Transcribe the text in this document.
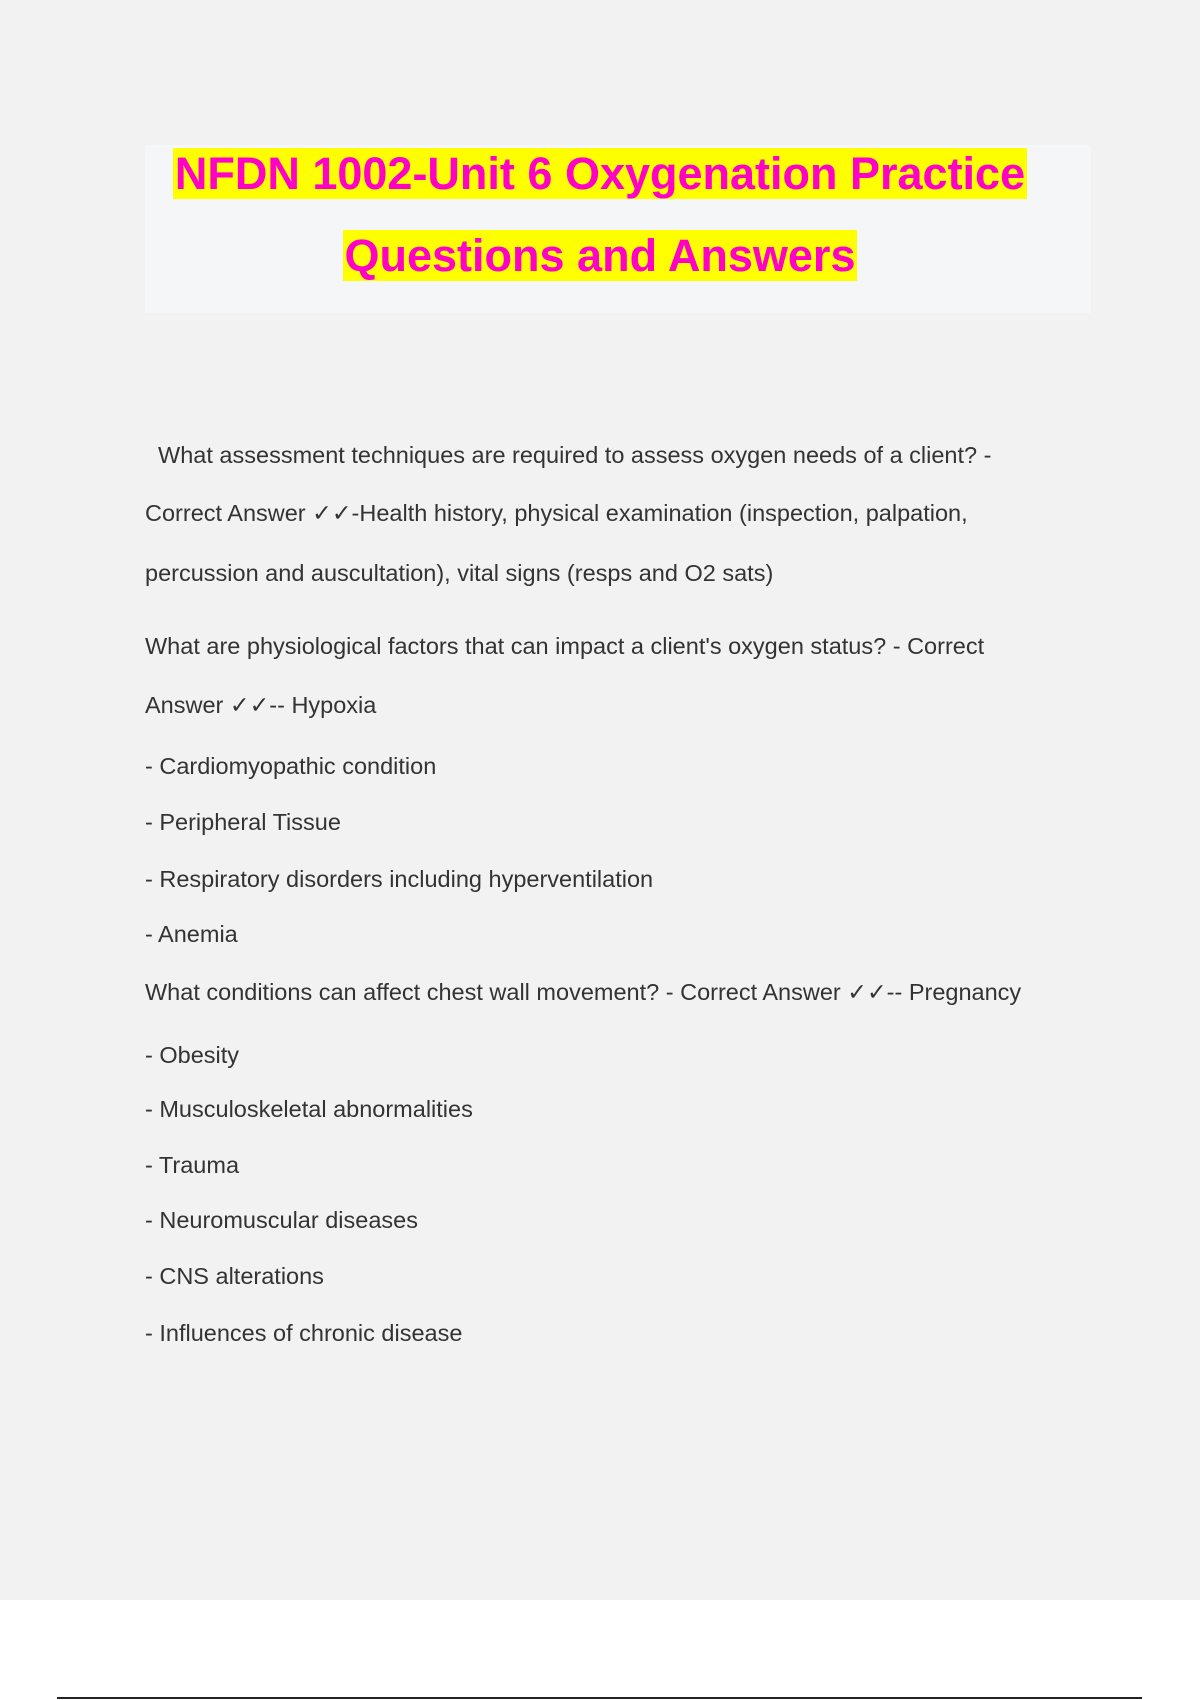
NFDN 1002-Unit 6 Oxygenation Practice
Questions and Answers
What assessment techniques are required to assess oxygen needs of a client? -
Correct Answer ✓✓-Health history, physical examination (inspection, palpation,
percussion and auscultation), vital signs (resps and O2 sats)
What are physiological factors that can impact a client's oxygen status? - Correct
Answer ✓✓-- Hypoxia
- Cardiomyopathic condition
- Peripheral Tissue
- Respiratory disorders including hyperventilation
- Anemia
What conditions can affect chest wall movement? - Correct Answer ✓✓-- Pregnancy
- Obesity
- Musculoskeletal abnormalities
- Trauma
- Neuromuscular diseases
- CNS alterations
- Influences of chronic disease
